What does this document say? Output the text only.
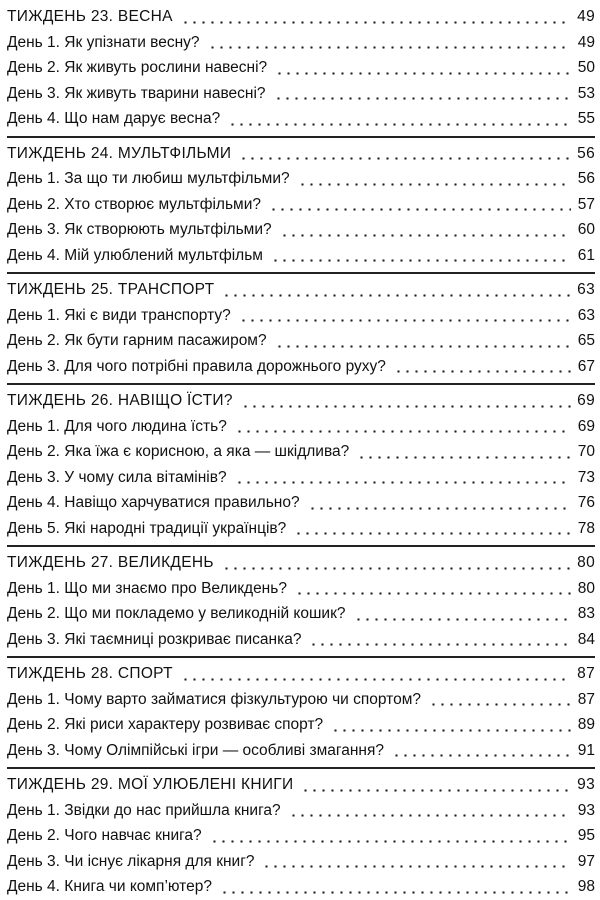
ТИЖДЕНЬ 23. ВЕСНА	49
День 1. Як упізнати весну?	49
День 2. Як живуть рослини навесні?	50
День 3. Як живуть тварини навесні?	53
День 4. Що нам дарує весна?	55
ТИЖДЕНЬ 24. МУЛЬТФІЛЬМИ	56
День 1. За що ти любиш мультфільми?	56
День 2. Хто створює мультфільми?	57
День 3. Як створюють мультфільми?	60
День 4. Мій улюблений мультфільм	61
ТИЖДЕНЬ 25. ТРАНСПОРТ	63
День 1. Які є види транспорту?	63
День 2. Як бути гарним пасажиром?	65
День 3. Для чого потрібні правила дорожнього руху?	67
ТИЖДЕНЬ 26. НАВІЩО ЇСТИ?	69
День 1. Для чого людина їсть?	69
День 2. Яка їжа є корисною, а яка — шкідлива?	70
День 3. У чому сила вітамінів?	73
День 4. Навіщо харчуватися правильно?	76
День 5. Які народні традиції українців?	78
ТИЖДЕНЬ 27. ВЕЛИКДЕНЬ	80
День 1. Що ми знаємо про Великдень?	80
День 2. Що ми покладемо у великодній кошик?	83
День 3. Які таємниці розкриває писанка?	84
ТИЖДЕНЬ 28. СПОРТ	87
День 1. Чому варто займатися фізкультурою чи спортом?	87
День 2. Які риси характеру розвиває спорт?	89
День 3. Чому Олімпійські ігри — особливі змагання?	91
ТИЖДЕНЬ 29. МОЇ УЛЮБЛЕНІ КНИГИ	93
День 1. Звідки до нас прийшла книга?	93
День 2. Чого навчає книга?	95
День 3. Чи існує лікарня для книг?	97
День 4. Книга чи комп’ютер?	98
